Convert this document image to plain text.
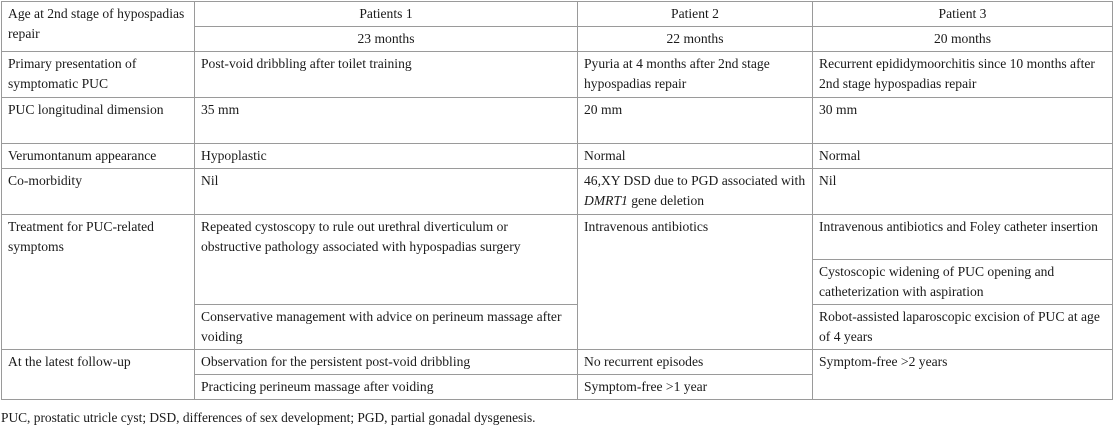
Age at 2nd stage of hypospadias repair	Patients 1	Patient 2	Patient 3
	23 months	22 months	20 months
Primary presentation of symptomatic PUC	Post-void dribbling after toilet training	Pyuria at 4 months after 2nd stage hypospadias repair	Recurrent epididymoorchitis since 10 months after 2nd stage hypospadias repair
PUC longitudinal dimension	35 mm	20 mm	30 mm
Verumontanum appearance	Hypoplastic	Normal	Normal
Co-morbidity	Nil	46,XY DSD due to PGD associated with DMRT1 gene deletion	Nil
Treatment for PUC-related symptoms	Repeated cystoscopy to rule out urethral diverticulum or obstructive pathology associated with hypospadias surgery	Intravenous antibiotics	Intravenous antibiotics and Foley catheter insertion
			Cystoscopic widening of PUC opening and catheterization with aspiration
	Conservative management with advice on perineum massage after voiding		Robot-assisted laparoscopic excision of PUC at age of 4 years
At the latest follow-up	Observation for the persistent post-void dribbling	No recurrent episodes	Symptom-free >2 years
	Practicing perineum massage after voiding	Symptom-free >1 year	
PUC, prostatic utricle cyst; DSD, differences of sex development; PGD, partial gonadal dysgenesis.
